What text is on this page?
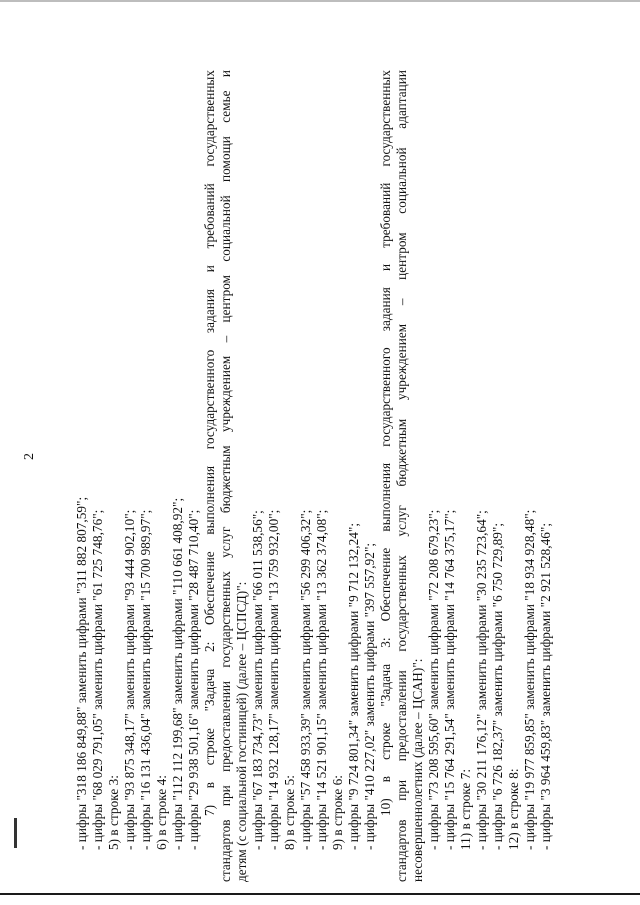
2
- цифры "318 186 849,88" заменить цифрами "311 882 807,59"; - цифры "68 029 791,05" заменить цифрами "61 725 748,76"; 5) в строке 3: - цифры "93 875 348,17" заменить цифрами "93 444 902,10"; - цифры "16 131 436,04" заменить цифрами "15 700 989,97"; 6) в строке 4: - цифры "112 112 199,68" заменить цифрами "110 661 408,92"; - цифры "29 938 501,16" заменить цифрами "28 487 710,40"; 7) в строке "Задача 2: Обеспечение выполнения государственного задания и требований государственных стандартов при предоставлении государственных услуг бюджетным учреждением – центром социальной помощи семье и детям (с социальной гостиницей) (далее – ЦСПСД)": - цифры "67 183 734,73" заменить цифрами "66 011 538,56"; - цифры "14 932 128,17" заменить цифрами "13 759 932,00"; 8) в строке 5: - цифры "57 458 933,39" заменить цифрами "56 299 406,32"; - цифры "14 521 901,15" заменить цифрами "13 362 374,08"; 9) в строке 6: - цифры "9 724 801,34" заменить цифрами "9 712 132,24"; - цифры "410 227,02" заменить цифрами "397 557,92"; 10) в строке "Задача 3: Обеспечение выполнения государственного задания и требований государственных стандартов при предоставлении государственных услуг бюджетным учреждением – центром социальной адаптации несовершеннолетних (далее – ЦСАН)": - цифры "73 208 595,60" заменить цифрами "72 208 679,23"; - цифры "15 764 291,54" заменить цифрами "14 764 375,17"; 11) в строке 7: - цифры "30 211 176,12" заменить цифрами "30 235 723,64"; - цифры "6 726 182,37" заменить цифрами "6 750 729,89"; 12) в строке 8: - цифры "19 977 859,85" заменить цифрами "18 934 928,48"; - цифры "3 964 459,83" заменить цифрами "2 921 528,46";
